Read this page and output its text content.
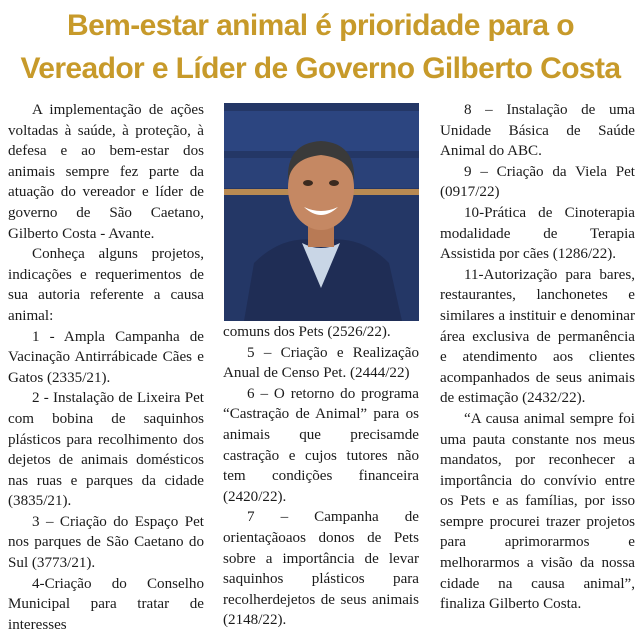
Bem-estar animal é prioridade para o
Vereador e Líder de Governo Gilberto Costa

A implementação de ações voltadas à saúde, à proteção, à defesa e ao bem-estar dos animais sempre fez parte da atuação do vereador e líder de governo de São Caetano, Gilberto Costa - Avante.

Conheça alguns projetos, indicações e requerimentos de sua autoria referente a causa animal:

1 - Ampla Campanha de Vacinação Antirrábicade Cães e Gatos (2335/21).

2 - Instalação de Lixeira Pet com bobina de saquinhos plásticos para recolhimento dos dejetos de animais domésticos nas ruas e parques da cidade (3835/21).

3 – Criação do Espaço Pet nos parques de São Caetano do Sul (3773/21).

4-Criação do Conselho Municipal para tratar de interesses

comuns dos Pets (2526/22).

5 – Criação e Realização Anual de Censo Pet. (2444/22)

6 – O retorno do programa “Castração de Animal” para os animais que precisamde castração e cujos tutores não tem condições financeira (2420/22).

7 – Campanha de orientaçãoaos donos de Pets sobre a importância de levar saquinhos plásticos para recolherdejetos de seus animais (2148/22).

8 – Instalação de uma Unidade Básica de Saúde Animal do ABC.

9 – Criação da Viela Pet (0917/22)

10-Prática de Cinoterapia modalidade de Terapia Assistida por cães (1286/22).

11-Autorização para bares, restaurantes, lanchonetes e similares a instituir e denominar área exclusiva de permanência e atendimento aos clientes acompanhados de seus animais de estimação (2432/22).

“A causa animal sempre foi uma pauta constante nos meus mandatos, por reconhecer a importância do convívio entre os Pets e as famílias, por isso sempre procurei trazer projetos para aprimorarmos e melhorarmos a visão da nossa cidade na causa animal”, finaliza Gilberto Costa.
